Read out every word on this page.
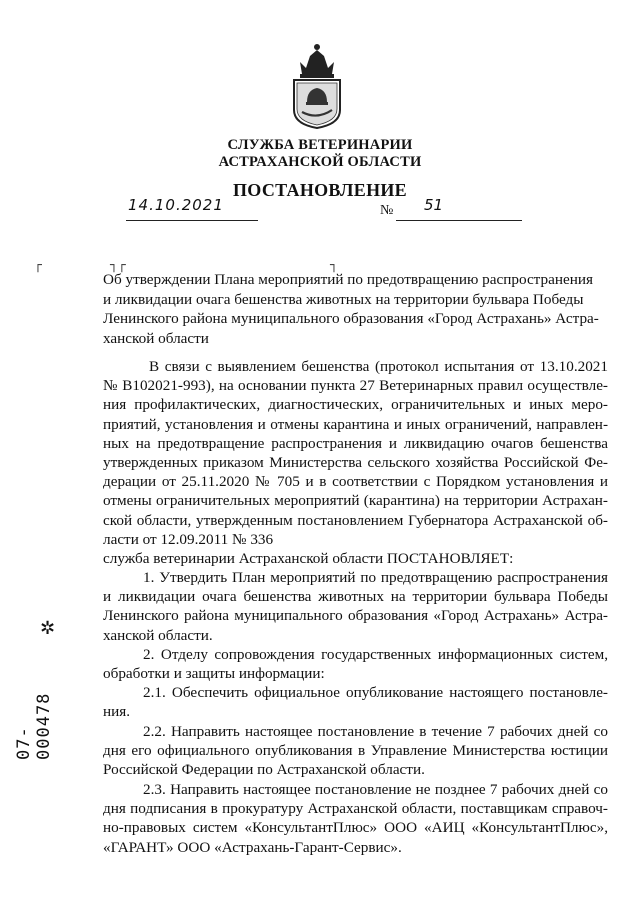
СЛУЖБА ВЕТЕРИНАРИИ
АСТРАХАНСКОЙ ОБЛАСТИ
ПОСТАНОВЛЕНИЕ
14.10.2021	№ 51
┌	┐┌	┐
Об утверждении Плана мероприятий по предотвращению распространения
и ликвидации очага бешенства животных на территории бульвара Победы
Ленинского района муниципального образования «Город Астрахань» Астра-
ханской области
В связи с выявлением бешенства (протокол испытания от 13.10.2021
№ В102021-993), на основании пункта 27 Ветеринарных правил осуществле-
ния профилактических, диагностических, ограничительных и иных меро-
приятий, установления и отмены карантина и иных ограничений, направлен-
ных на предотвращение распространения и ликвидацию очагов бешенства
утвержденных приказом Министерства сельского хозяйства Российской Фе-
дерации от 25.11.2020 № 705 и в соответствии с Порядком установления и
отмены ограничительных мероприятий (карантина) на территории Астрахан-
ской области, утвержденным постановлением Губернатора Астраханской об-
ласти от 12.09.2011 № 336
служба ветеринарии Астраханской области ПОСТАНОВЛЯЕТ:
1. Утвердить План мероприятий по предотвращению распространения
и ликвидации очага бешенства животных на территории бульвара Победы
Ленинского района муниципального образования «Город Астрахань» Астра-
ханской области.
2. Отделу сопровождения государственных информационных систем,
обработки и защиты информации:
2.1. Обеспечить официальное опубликование настоящего постановле-
ния.
2.2. Направить настоящее постановление в течение 7 рабочих дней со
дня его официального опубликования в Управление Министерства юстиции
Российской Федерации по Астраханской области.
2.3. Направить настоящее постановление не позднее 7 рабочих дней со
дня подписания в прокуратуру Астраханской области, поставщикам справоч-
но-правовых систем «КонсультантПлюс» ООО «АИЦ «КонсультантПлюс»,
«ГАРАНТ» ООО «Астрахань-Гарант-Сервис».
✲
07- 000478
